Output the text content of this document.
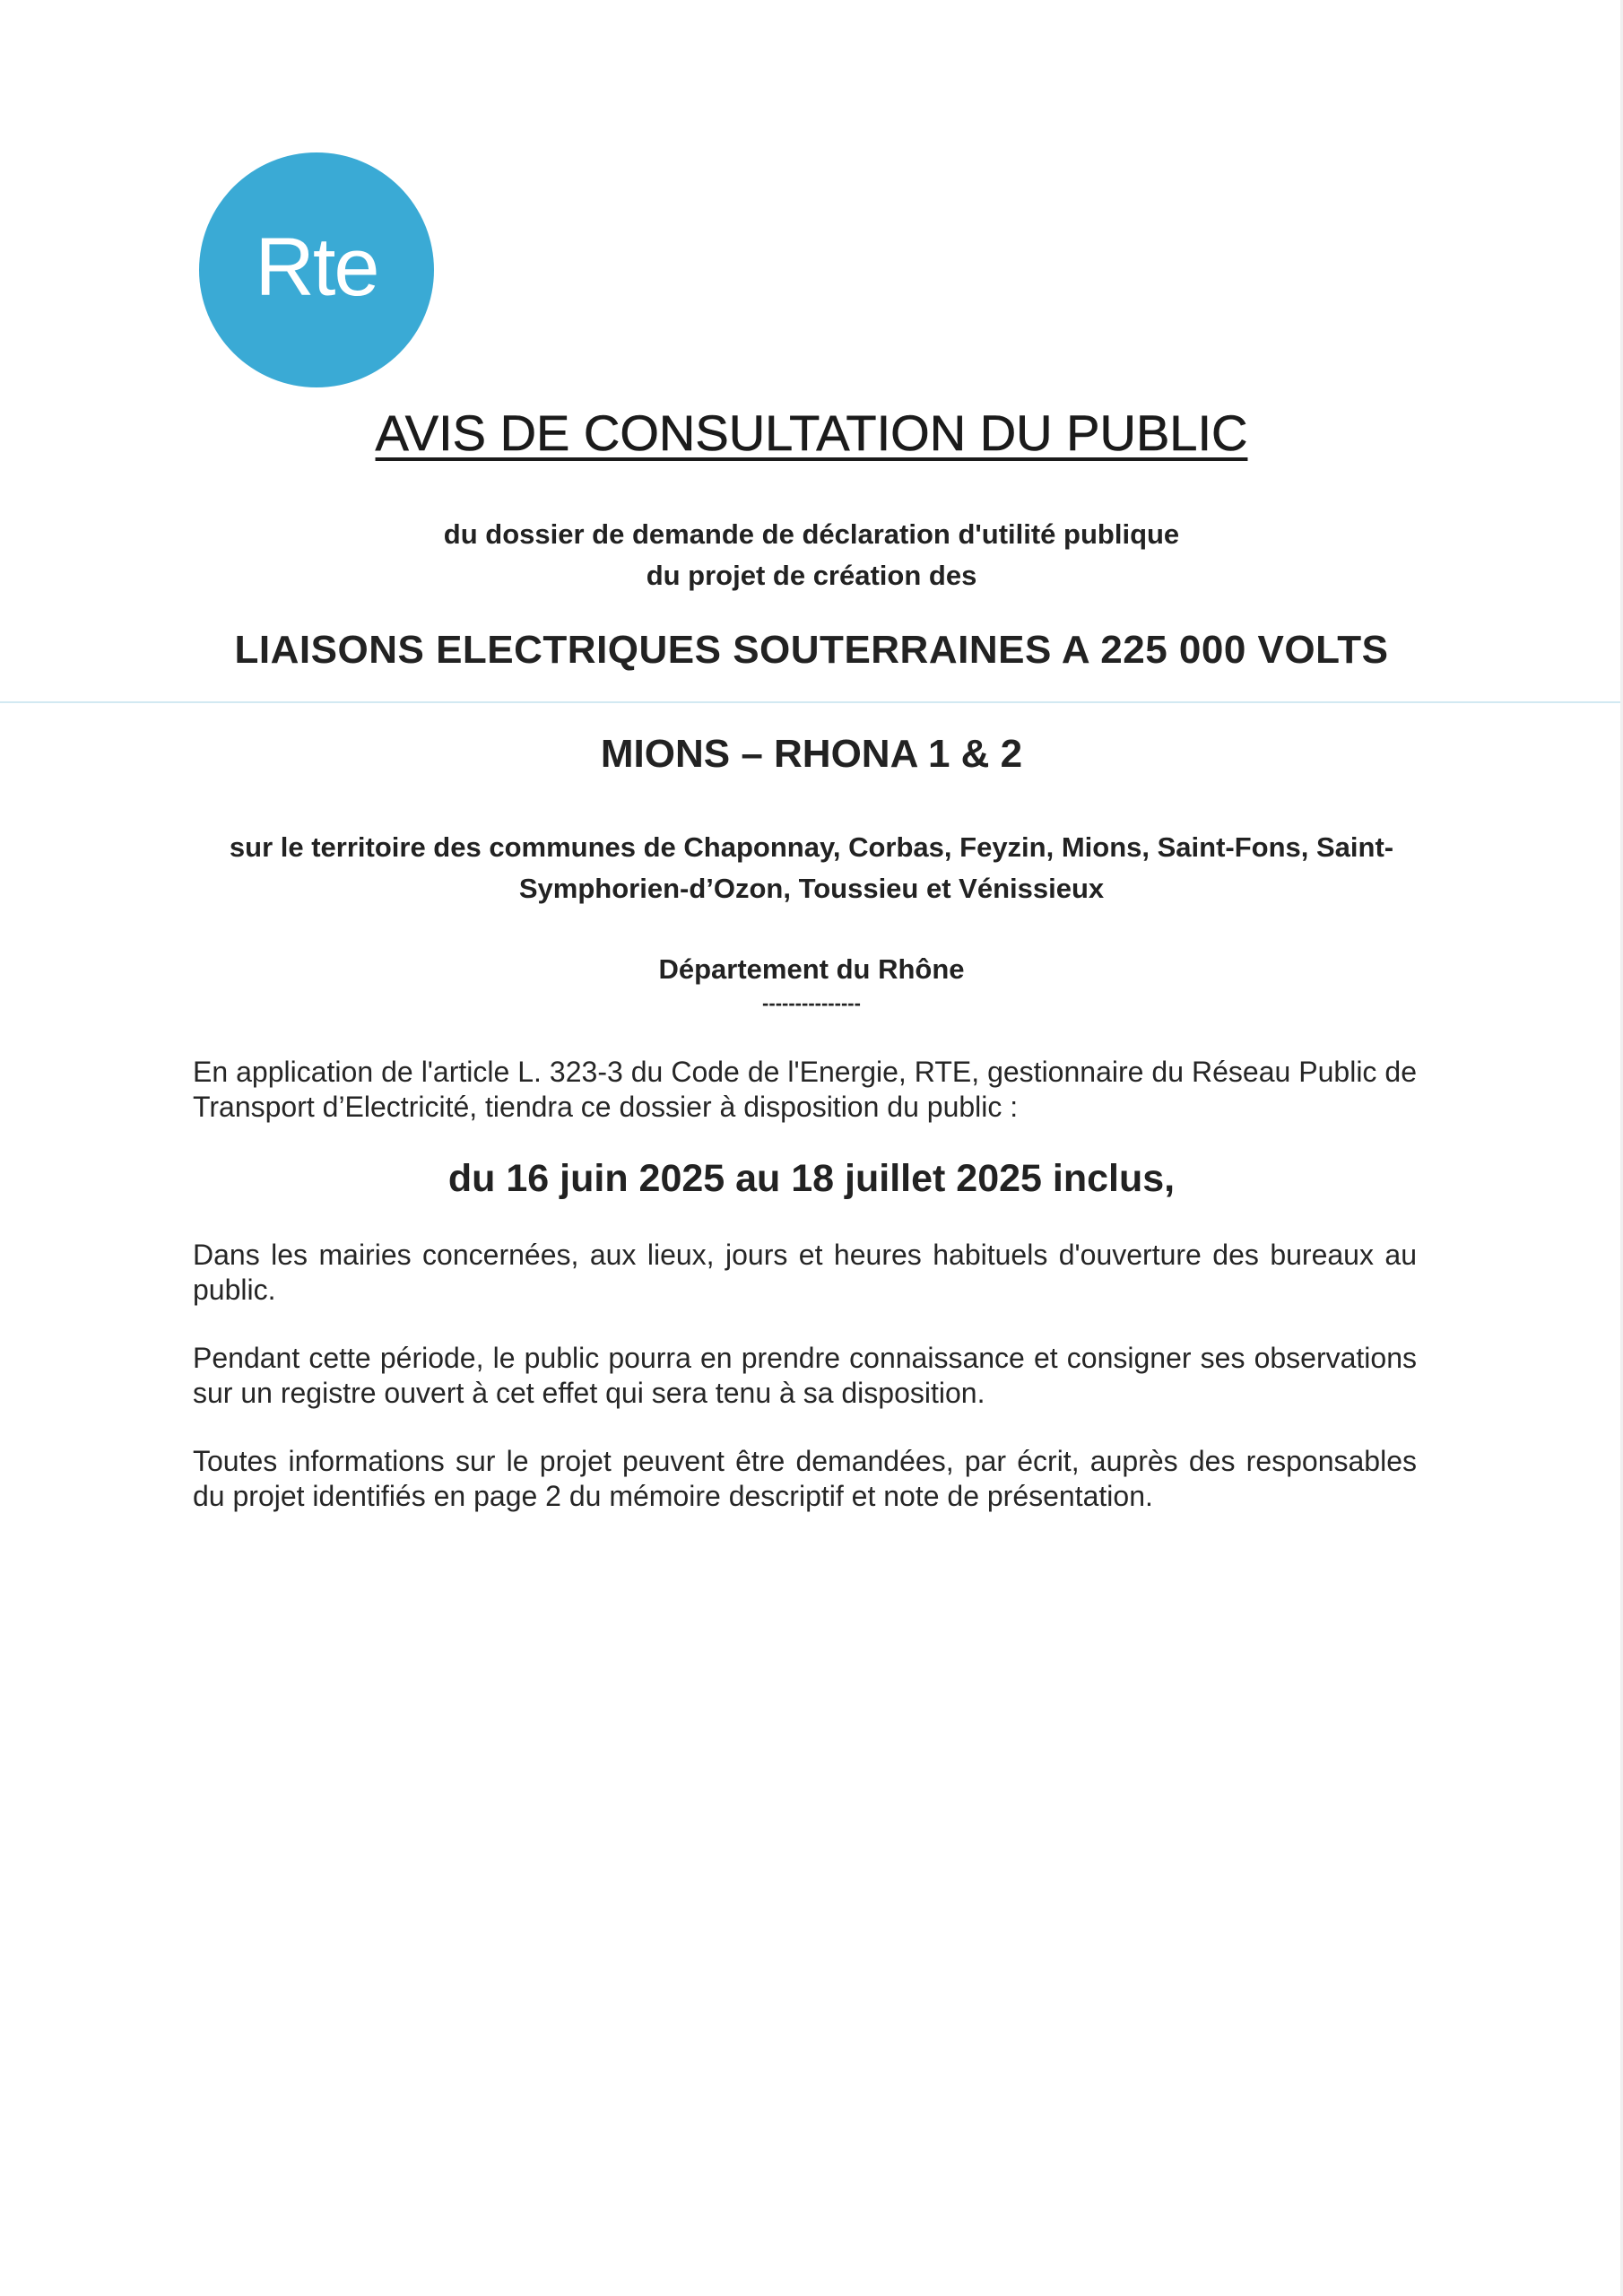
Rte
AVIS DE CONSULTATION DU PUBLIC
du dossier de demande de déclaration d'utilité publique
du projet de création des
LIAISONS ELECTRIQUES SOUTERRAINES A 225 000 VOLTS
MIONS – RHONA 1 & 2
sur le territoire des communes de Chaponnay, Corbas, Feyzin, Mions, Saint-Fons, Saint-
Symphorien-d’Ozon, Toussieu et Vénissieux
Département du Rhône
---------------
En application de l'article L. 323-3 du Code de l'Energie, RTE, gestionnaire du Réseau Public de Transport d’Electricité, tiendra ce dossier à disposition du public :
du 16 juin 2025 au 18 juillet 2025 inclus,
Dans les mairies concernées, aux lieux, jours et heures habituels d'ouverture des bureaux au public.
Pendant cette période, le public pourra en prendre connaissance et consigner ses observations sur un registre ouvert à cet effet qui sera tenu à sa disposition.
Toutes informations sur le projet peuvent être demandées, par écrit, auprès des responsables du projet identifiés en page 2 du mémoire descriptif et note de présentation.
